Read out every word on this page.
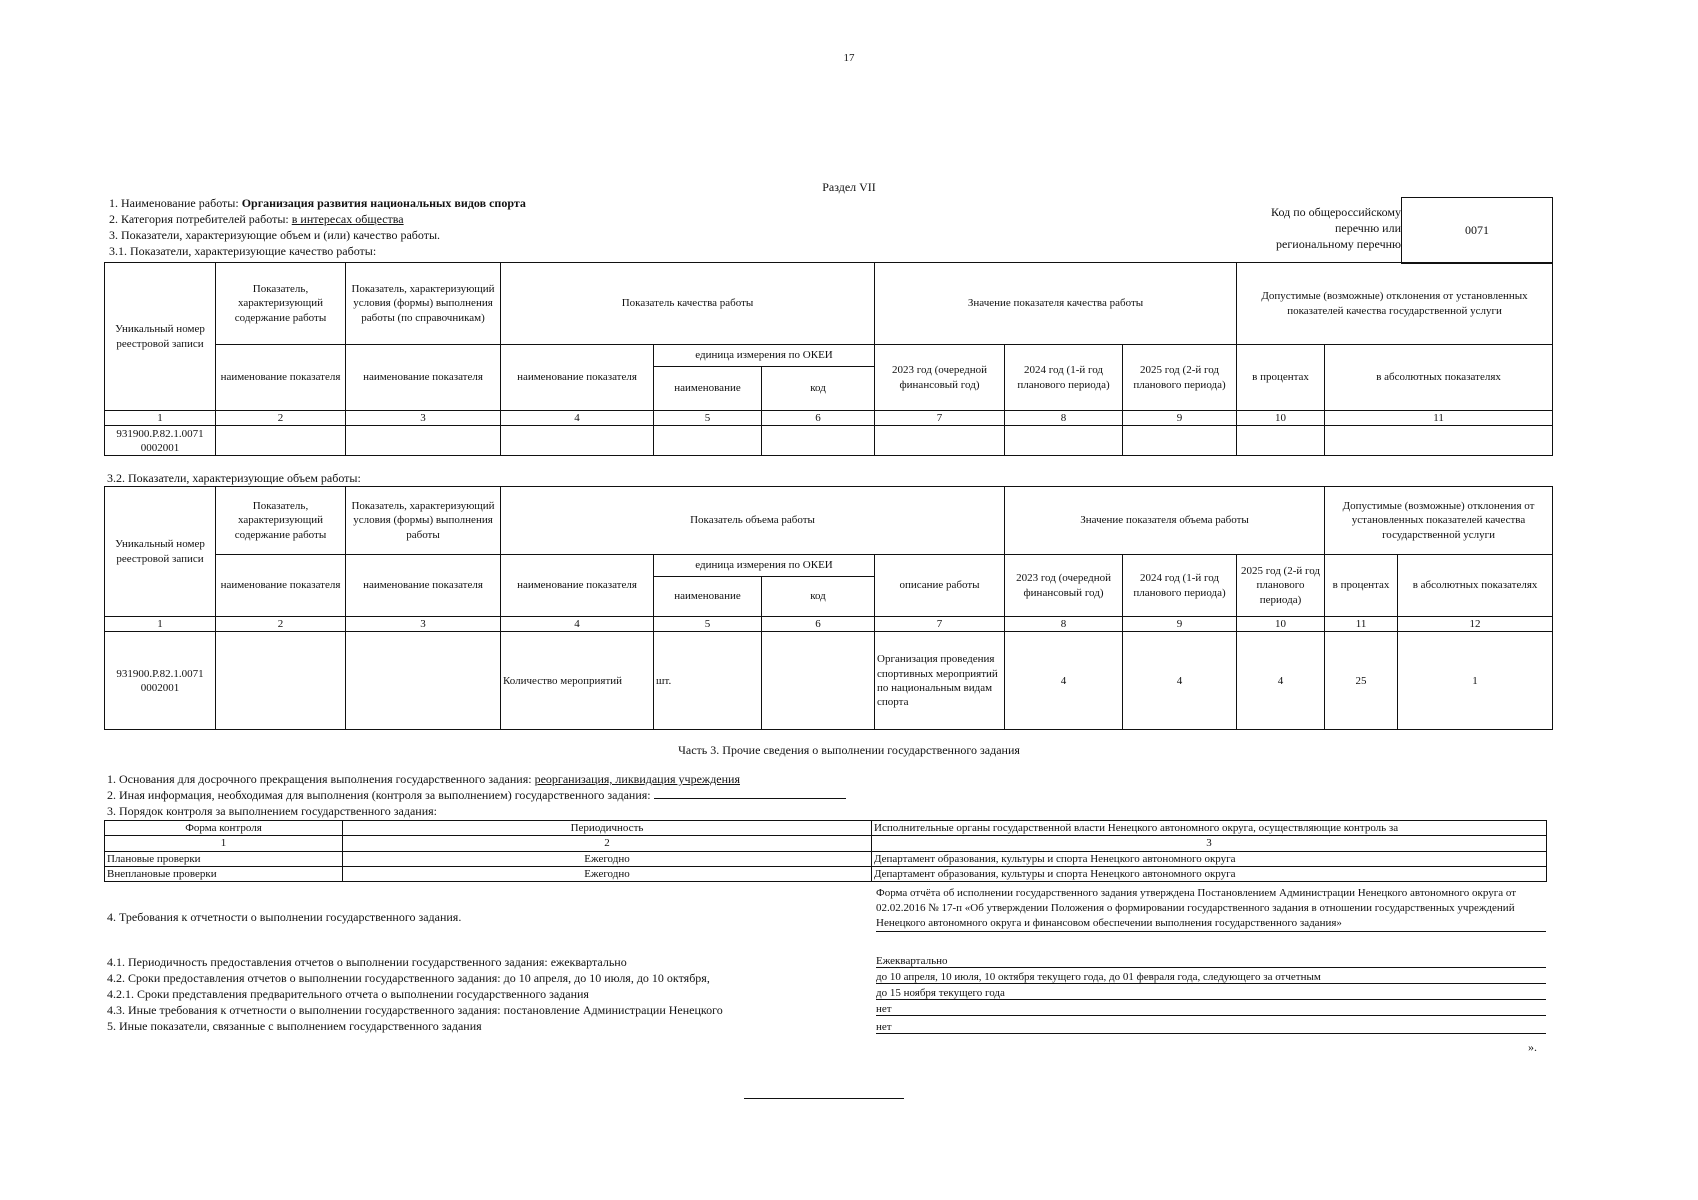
17
Раздел VII
1. Наименование работы: Организация развития национальных видов спорта
2. Категория потребителей работы: в интересах общества
3. Показатели, характеризующие объем и (или) качество работы.
3.1. Показатели, характеризующие качество работы:
Код по общероссийскому
перечню или
региональному перечню
0071
Уникальный номер реестровой записи	Показатель, характеризующий содержание работы	Показатель, характеризующий условия (формы) выполнения работы (по справочникам)	Показатель качества работы			Значение показателя качества работы			Допустимые (возможные) отклонения от установленных показателей качества государственной услуги	
	наименование показателя	наименование показателя	наименование показателя	единица измерения по ОКЕИ		2023 год (очередной финансовый год)	2024 год (1-й год планового периода)	2025 год (2-й год планового периода)	в процентах	в абсолютных показателях
				наименование	код					
1	2	3	4	5	6	7	8	9	10	11
931900.Р.82.1.0071 0002001										
3.2. Показатели, характеризующие объем работы:
Уникальный номер реестровой записи	Показатель, характеризующий содержание работы	Показатель, характеризующий условия (формы) выполнения работы	Показатель объема работы				Значение показателя объема работы			Допустимые (возможные) отклонения от установленных показателей качества государственной услуги	
	наименование показателя	наименование показателя	наименование показателя	единица измерения по ОКЕИ		описание работы	2023 год (очередной финансовый год)	2024 год (1-й год планового периода)	2025 год (2-й год планового периода)	в процентах	в абсолютных показателях
				наименование	код						
1	2	3	4	5	6	7	8	9	10	11	12
931900.Р.82.1.0071 0002001			Количество мероприятий	шт.		Организация проведения спортивных мероприятий по национальным видам спорта	4	4	4	25	1
Часть 3. Прочие сведения о выполнении государственного задания
1. Основания для досрочного прекращения выполнения государственного задания: реорганизация, ликвидация учреждения
2. Иная информация, необходимая для выполнения (контроля за выполнением) государственного задания:
3. Порядок контроля за выполнением государственного задания:
Форма контроля	Периодичность	Исполнительные органы государственной власти Ненецкого автономного округа, осуществляющие контроль за
1	2	3
Плановые проверки	Ежегодно	Департамент образования, культуры и спорта Ненецкого автономного округа
Внеплановые проверки	Ежегодно	Департамент образования, культуры и спорта Ненецкого автономного округа
4. Требования к отчетности о выполнении государственного задания.
Форма отчёта об исполнении государственного задания утверждена Постановлением Администрации Ненецкого автономного округа от 02.02.2016 № 17-п «Об утверждении Положения о формировании государственного задания в отношении государственных учреждений Ненецкого автономного округа и финансовом обеспечении выполнения государственного задания»
4.1. Периодичность предоставления отчетов о выполнении государственного задания: ежеквартально	Ежеквартально
4.2. Сроки предоставления отчетов о выполнении государственного задания: до 10 апреля, до 10 июля, до 10 октября,	до 10 апреля, 10 июля, 10 октября текущего года, до 01 февраля года, следующего за отчетным
4.2.1. Сроки представления предварительного отчета о выполнении государственного задания	до 15 ноября текущего года
4.3. Иные требования к отчетности о выполнении государственного задания: постановление Администрации Ненецкого	нет
5. Иные показатели, связанные с выполнением государственного задания	нет
».
